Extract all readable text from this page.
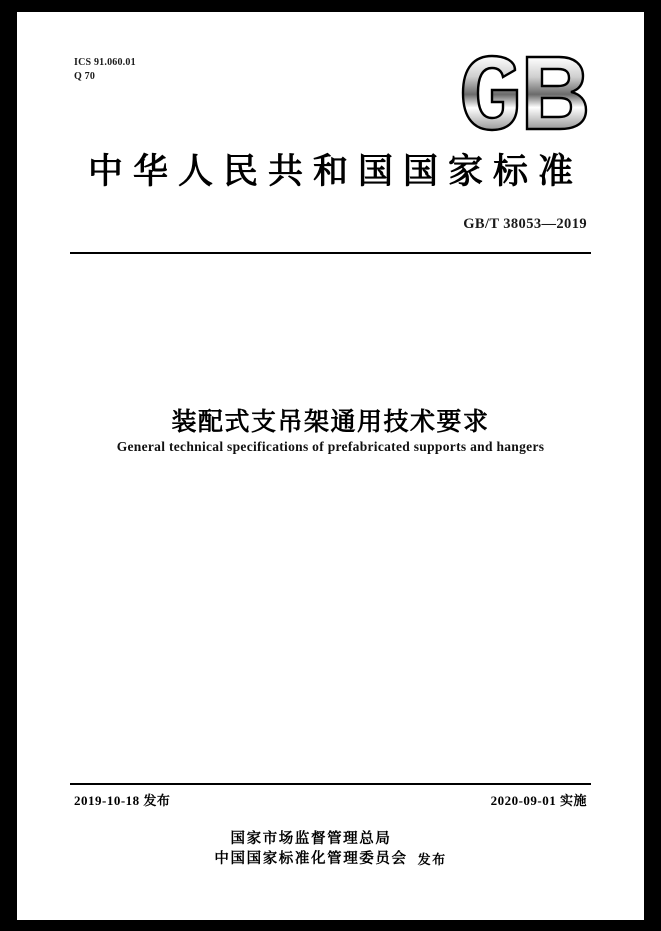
ICS 91.060.01
Q 70
中华人民共和国国家标准
GB/T 38053—2019
装配式支吊架通用技术要求
General technical specifications of prefabricated supports and hangers
2019-10-18 发布	2020-09-01 实施
国家市场监督管理总局
中国国家标准化管理委员会 发布
